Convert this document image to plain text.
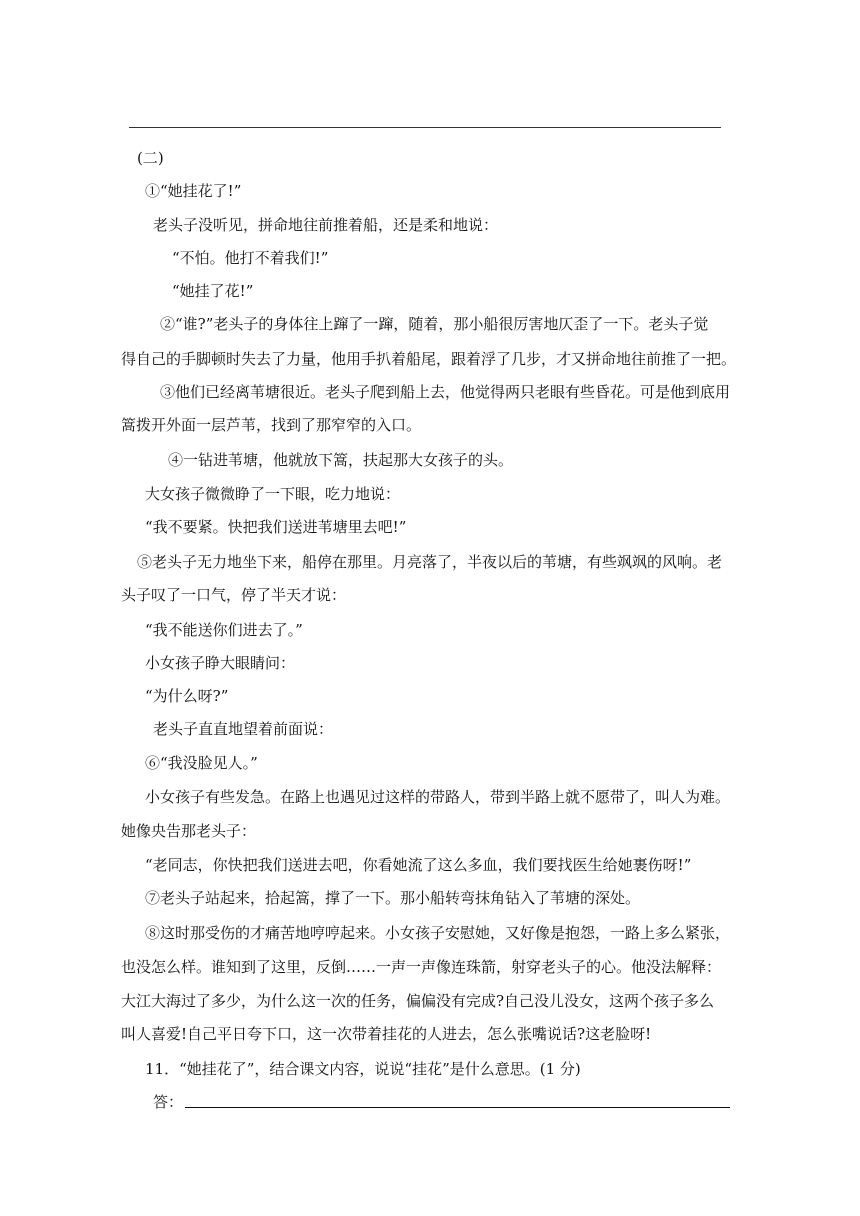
(二)
①“她挂花了!”
老头子没听见，拼命地往前推着船，还是柔和地说：
“不怕。他打不着我们!”
“她挂了花!”
②“谁?”老头子的身体往上蹿了一蹿，随着，那小船很厉害地仄歪了一下。老头子觉
得自己的手脚顿时失去了力量，他用手扒着船尾，跟着浮了几步，才又拼命地往前推了一把。
③他们已经离苇塘很近。老头子爬到船上去，他觉得两只老眼有些昏花。可是他到底用
篙拨开外面一层芦苇，找到了那窄窄的入口。
④一钻进苇塘，他就放下篙，扶起那大女孩子的头。
大女孩子微微睁了一下眼，吃力地说：
“我不要紧。快把我们送进苇塘里去吧!”
⑤老头子无力地坐下来，船停在那里。月亮落了，半夜以后的苇塘，有些飒飒的风响。老
头子叹了一口气，停了半天才说：
“我不能送你们进去了。”
小女孩子睁大眼睛问：
“为什么呀?”
老头子直直地望着前面说：
⑥“我没脸见人。”
小女孩子有些发急。在路上也遇见过这样的带路人，带到半路上就不愿带了，叫人为难。
她像央告那老头子：
“老同志，你快把我们送进去吧，你看她流了这么多血，我们要找医生给她裹伤呀!”
⑦老头子站起来，拾起篙，撑了一下。那小船转弯抹角钻入了苇塘的深处。
⑧这时那受伤的才痛苦地哼哼起来。小女孩子安慰她，又好像是抱怨，一路上多么紧张，
也没怎么样。谁知到了这里，反倒……一声一声像连珠箭，射穿老头子的心。他没法解释：
大江大海过了多少，为什么这一次的任务，偏偏没有完成?自己没儿没女，这两个孩子多么
叫人喜爱!自己平日夸下口，这一次带着挂花的人进去，怎么张嘴说话?这老脸呀!
11．“她挂花了”，结合课文内容，说说“挂花”是什么意思。(1 分)
答：
